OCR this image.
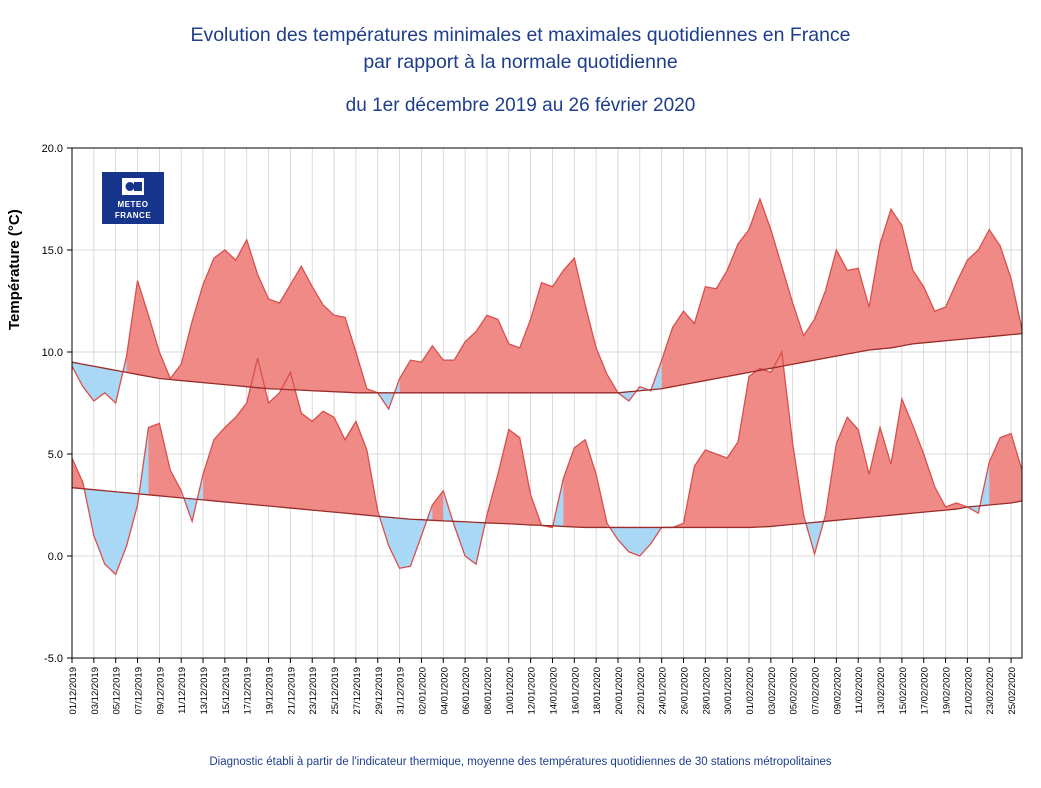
Evolution des températures minimales et maximales quotidiennes en France
par rapport à la normale quotidienne
du 1er décembre 2019 au 26 février 2020
Température (°C)
-5.0
0.0
5.0
10.0
15.0
20.0
01/12/2019 03/12/2019 05/12/2019 07/12/2019 09/12/2019 11/12/2019 13/12/2019 15/12/2019 17/12/2019 19/12/2019 21/12/2019 23/12/2019 25/12/2019 27/12/2019 29/12/2019 31/12/2019 02/01/2020 04/01/2020 06/01/2020 08/01/2020 10/01/2020 12/01/2020 14/01/2020 16/01/2020 18/01/2020 20/01/2020 22/01/2020 24/01/2020 26/01/2020 28/01/2020 30/01/2020 01/02/2020 03/02/2020 05/02/2020 07/02/2020 09/02/2020 11/02/2020 13/02/2020 15/02/2020 17/02/2020 19/02/2020 21/02/2020 23/02/2020 25/02/2020
METEO
FRANCE
Diagnostic établi à partir de l'indicateur thermique, moyenne des températures quotidiennes de 30 stations métropolitaines
